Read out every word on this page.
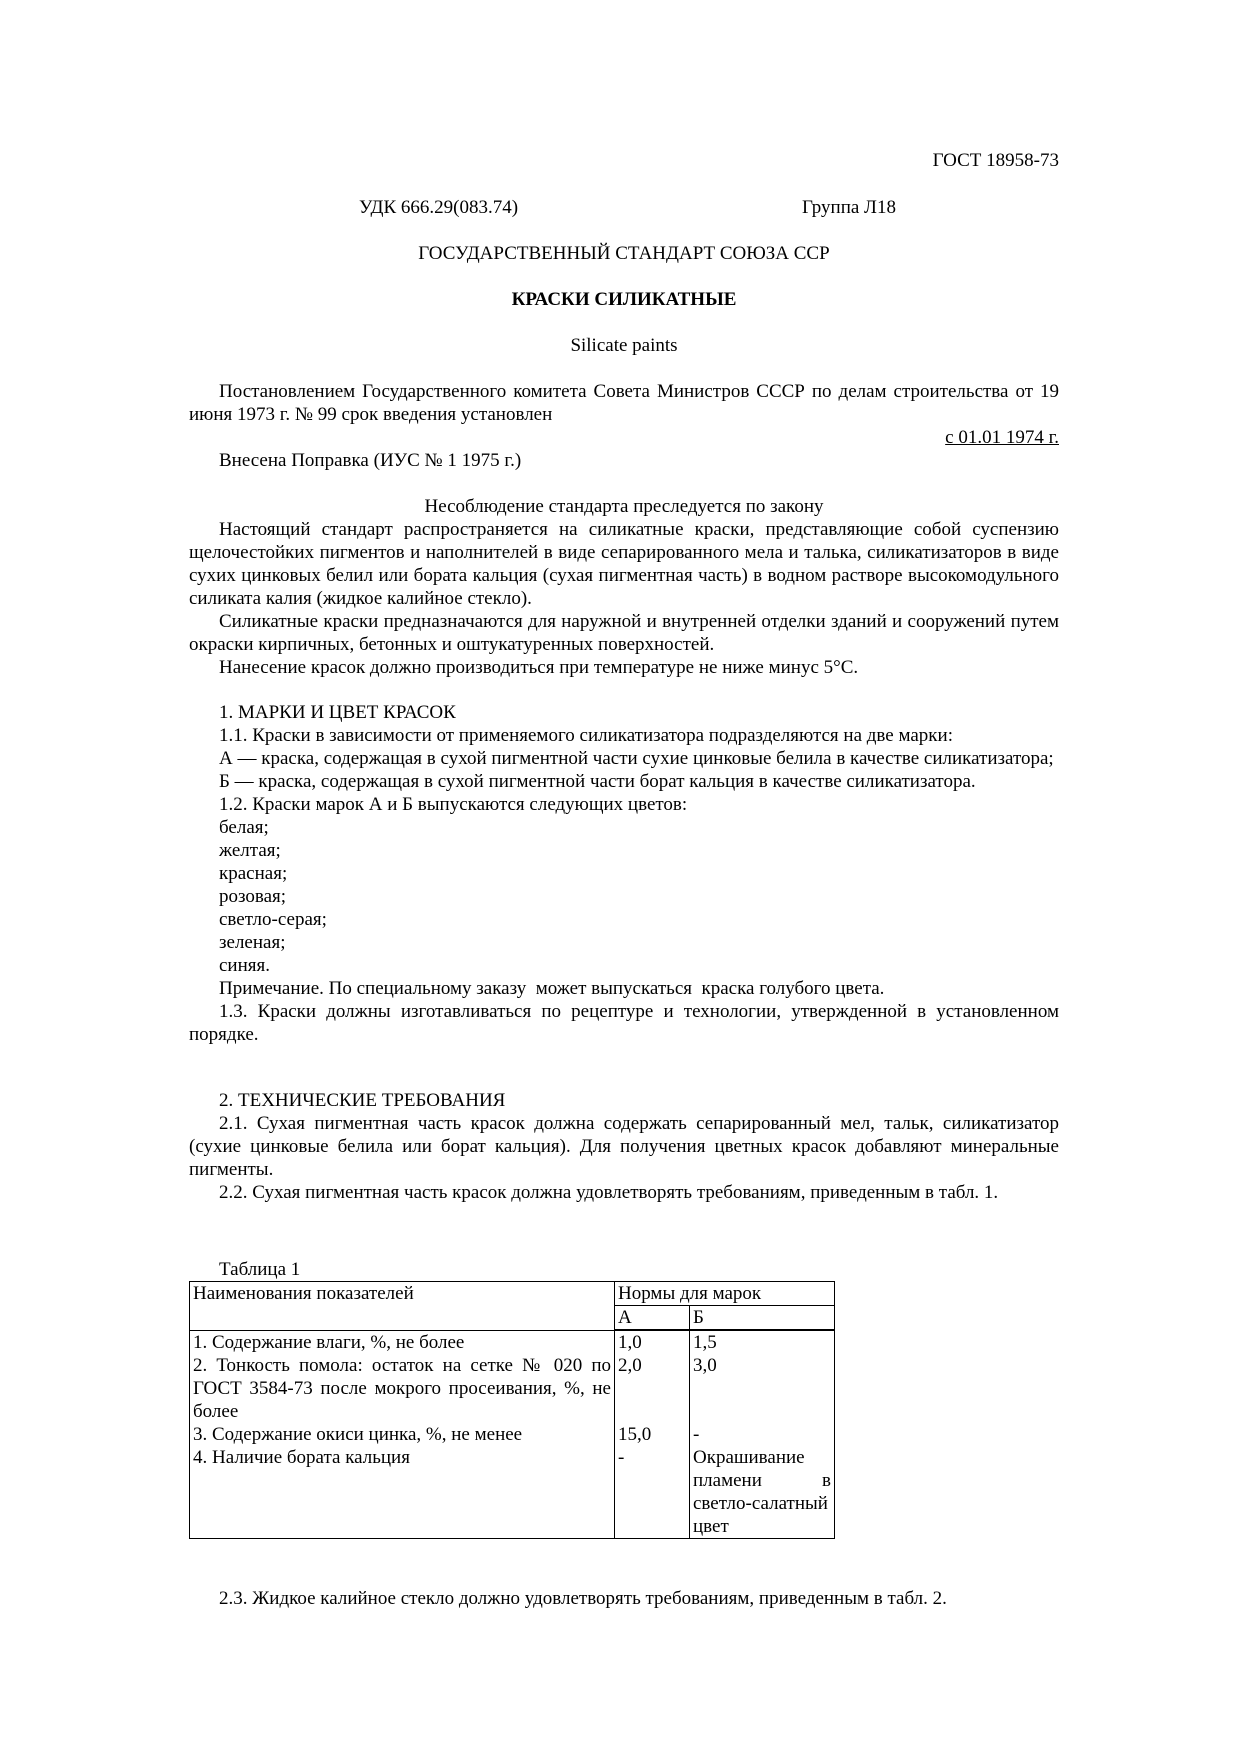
ГОСТ 18958-73
УДК 666.29(083.74)	Группа Л18
ГОСУДАРСТВЕННЫЙ СТАНДАРТ СОЮЗА ССР
КРАСКИ СИЛИКАТНЫЕ
Silicate paints

Постановлением Государственного комитета Совета Министров СССР по делам строительства от 19 июня 1973 г. № 99 срок введения установлен

с 01.01 1974 г.
Внесена Поправка (ИУС № 1 1975 г.)
Несоблюдение стандарта преследуется по закону

Настоящий стандарт распространяется на силикатные краски, представляющие собой суспензию щелочестойких пигментов и наполнителей в виде сепарированного мела и талька, силикатизаторов в виде сухих цинковых белил или бората кальция (сухая пигментная часть) в водном растворе высокомодульного силиката калия (жидкое калийное стекло).

Силикатные краски предназначаются для наружной и внутренней отделки зданий и сооружений путем окраски кирпичных, бетонных и оштукатуренных поверхностей.

Нанесение красок должно производиться при температуре не ниже минус 5°С.

1. МАРКИ И ЦВЕТ КРАСОК

1.1. Краски в зависимости от применяемого силикатизатора подразделяются на две марки:

А — краска, содержащая в сухой пигментной части сухие цинковые белила в качестве силикатизатора;

Б — краска, содержащая в сухой пигментной части борат кальция в качестве силикатизатора.

1.2. Краски марок А и Б выпускаются следующих цветов:

белая;

желтая;

красная;

розовая;

светло-серая;

зеленая;

синяя.

Примечание. По специальному заказу  может выпускаться  краска голубого цвета.

1.3. Краски должны изготавливаться по рецептуре и технологии, утвержденной в установленном порядке.

2. ТЕХНИЧЕСКИЕ ТРЕБОВАНИЯ

2.1. Сухая пигментная часть красок должна содержать сепарированный мел, тальк, силикатизатор (сухие цинковые белила или борат кальция). Для получения цветных красок добавляют минеральные пигменты.

2.2. Сухая пигментная часть красок должна удовлетворять требованиям, приведенным в табл. 1.

Таблица 1
Наименования показателей	Нормы для марок	
	А	Б
1. Содержание влаги, %, не более	1,0	1,5
2. Тонкость помола: остаток на сетке № 020 по ГОСТ 3584-73 после мокрого просеивания, %, не более	2,0	3,0
3. Содержание окиси цинка, %, не менее	15,0	-
4. Наличие бората кальция	-	Окрашивание пламени в светло-салатный цвет
2.3. Жидкое калийное стекло должно удовлетворять требованиям, приведенным в табл. 2.
